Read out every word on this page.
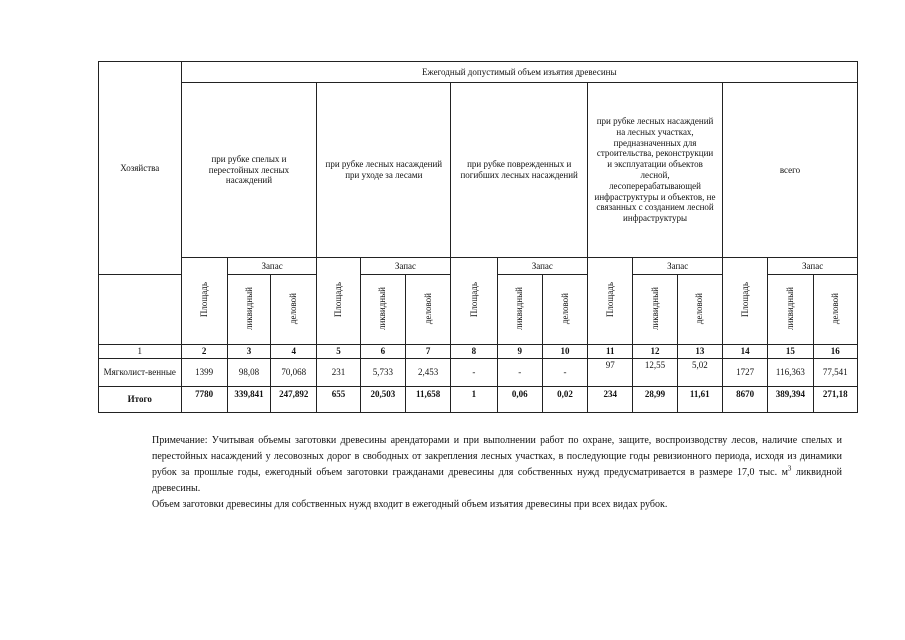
Хозяйства	Ежегодный допустимый объем изъятия древесины														
	при рубке спелых и перестойных лесных насаждений			при рубке лесных насаждений при уходе за лесами			при рубке поврежденных и погибших лесных насаждений			при рубке лесных насаждений на лесных участках, предназначенных для строительства, реконструкции и эксплуатации объектов лесной, лесоперерабатывающей инфраструктуры и объектов, не связанных с созданием лесной инфраструктуры			всего		
	Площадь	Запас		Площадь	Запас		Площадь	Запас		Площадь	Запас		Площадь	Запас	
		ликвидный	деловой		ликвидный	деловой		ликвидный	деловой		ликвидный	деловой		ликвидный	деловой
1	2	3	4	5	6	7	8	9	10	11	12	13	14	15	16
Мягколист-венные	1399	98,08	70,068	231	5,733	2,453	-	-	-	97	12,55	5,02	1727	116,363	77,541
Итого	7780	339,841	247,892	655	20,503	11,658	1	0,06	0,02	234	28,99	11,61	8670	389,394	271,18
Примечание: Учитывая объемы заготовки древесины арендаторами и при выполнении работ по охране, защите, воспроизводству лесов, наличие спелых и перестойных насаждений у лесовозных дорог в свободных от закрепления лесных участках, в последующие годы ревизионного периода, исходя из динамики рубок за прошлые годы, ежегодный объем заготовки гражданами древесины для собственных нужд предусматривается в размере 17,0 тыс. $м^3$ ликвидной древесины.
Объем заготовки древесины для собственных нужд входит в ежегодный объем изъятия древесины при всех видах рубок.
